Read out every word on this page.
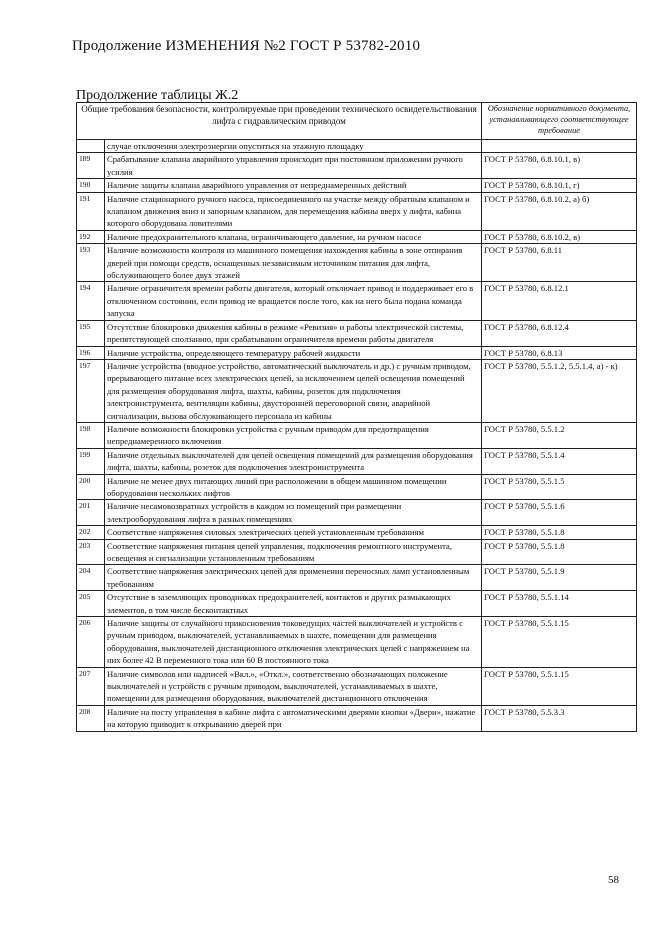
Продолжение ИЗМЕНЕНИЯ №2 ГОСТ Р 53782-2010
Продолжение таблицы Ж.2
Общие требования безопасности, контролируемые при проведении технического освидетельствования лифта с гидравлическим приводом		Обозначение нормативного документа, устанавливающего соответствующее требование
	случае отключения электроэнергии опуститься на этажную площадку	
189	Срабатывание клапана аварийного управления происходит при постоянном приложении ручного усилия	ГОСТ Р 53780, 6.8.10.1, в)
190	Наличие защиты клапана аварийного управления от непреднамеренных действий	ГОСТ Р 53780, 6.8.10.1, г)
191	Наличие стационарного ручного насоса, присоединенного на участке между обратным клапаном и клапаном движения вниз и запорным клапаном, для перемещения кабины вверх у лифта, кабина которого оборудована ловителями	ГОСТ Р 53780, 6.8.10.2, а) б)
192	Наличие предохранительного клапана, ограничивающего давление, на ручном насосе	ГОСТ Р 53780, 6.8.10.2, в)
193	Наличие возможности контроля из машинного помещения нахождения кабины в зоне отпирания дверей при помощи средств, оснащенных независимым источником питания для лифта, обслуживающего более двух этажей	ГОСТ Р 53780, 6.8.11
194	Наличие ограничителя времени работы двигателя, который отключает привод и поддерживает его в отключенном состоянии, если привод не вращается после того, как на него была подана команда запуска	ГОСТ Р 53780, 6.8.12.1
195	Отсутствие блокировки движения кабины в режиме «Ревизия» и работы электрической системы, препятствующей сползанию, при срабатывании ограничителя времени работы двигателя	ГОСТ Р 53780, 6.8.12.4
196	Наличие устройства, определяющего температуру рабочей жидкости	ГОСТ Р 53780, 6.8.13
197	Наличие устройства (вводное устройство, автоматический выключатель и др.) с ручным приводом, прерывающего питание всех электрических цепей, за исключением цепей освещения помещений для размещения оборудования лифта, шахты, кабины, розеток для подключения электроинструмента, вентиляции кабины, двусторонней переговорной связи, аварийной сигнализации, вызова обслуживающего персонала из кабины	ГОСТ Р 53780, 5.5.1.2, 5.5.1.4, а) - к)
198	Наличие возможности блокировки устройства с ручным приводом для предотвращения непреднамеренного включения	ГОСТ Р 53780, 5.5.1.2
199	Наличие отдельных выключателей для цепей освещения помещений для размещения оборудования лифта, шахты, кабины, розеток для подключения электроинструмента	ГОСТ Р 53780, 5.5.1.4
200	Наличие не менее двух питающих линий при расположении в общем машинном помещении оборудования нескольких лифтов	ГОСТ Р 53780, 5.5.1.5
201	Наличие несамовозвратных устройств в каждом из помещений при размещении электрооборудования лифта в разных помещениях	ГОСТ Р 53780, 5.5.1.6
202	Соответствие напряжения силовых электрических цепей установленным требованиям	ГОСТ Р 53780, 5.5.1.8
203	Соответствие напряжения питания цепей управления, подключения ремонтного инструмента, освещения и сигнализации установленным требованиям	ГОСТ Р 53780, 5.5.1.8
204	Соответствие напряжения электрических цепей для применения переносных ламп установленным требованиям	ГОСТ Р 53780, 5.5.1.9
205	Отсутствие в заземляющих проводниках предохранителей, контактов и других размыкающих элементов, в том числе бесконтактных	ГОСТ Р 53780, 5.5.1.14
206	Наличие защиты от случайного прикосновения токоведущих частей выключателей и устройств с ручным приводом, выключателей, устанавливаемых в шахте, помещении для размещения оборудования, выключателей дистанционного отключения электрических цепей с напряжением на них более 42 В переменного тока или 60 В постоянного тока	ГОСТ Р 53780, 5.5.1.15
207	Наличие символов или надписей «Вкл.», «Откл.», соответственно обозначающих положение выключателей и устройств с ручным приводом, выключателей, устанавливаемых в шахте, помещении для размещения оборудования, выключателей дистанционного отключения	ГОСТ Р 53780, 5.5.1.15
208	Наличие на посту управления в кабине лифта с автоматическими дверями кнопки «Двери», нажатие на которую приводит к открыванию дверей при	ГОСТ Р 53780, 5.5.3.3
58
